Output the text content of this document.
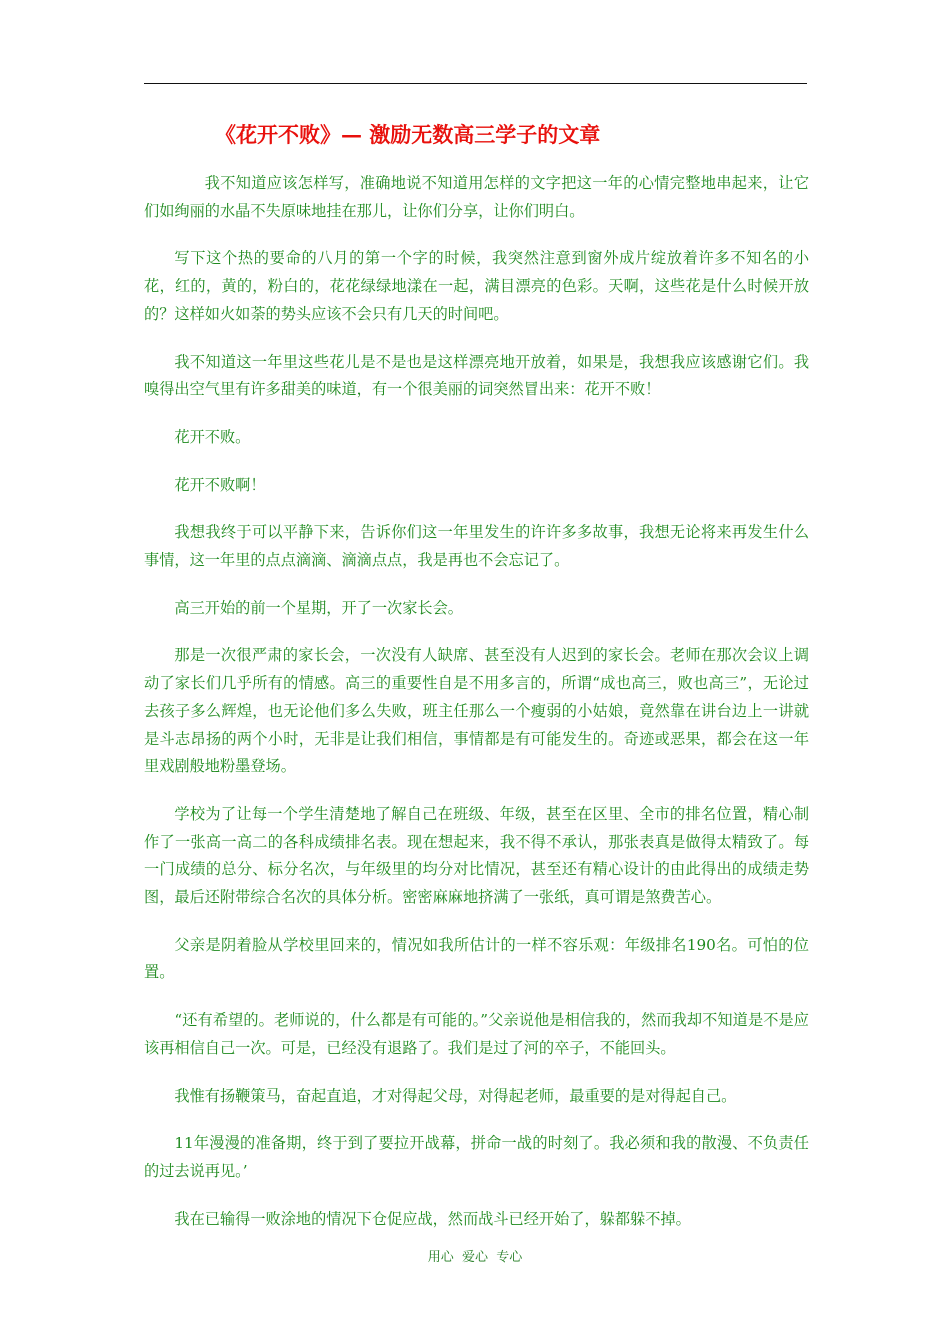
《花开不败》— 激励无数高三学子的文章

我不知道应该怎样写，准确地说不知道用怎样的文字把这一年的心情完整地串起来，让它们如绚丽的水晶不失原味地挂在那儿，让你们分享，让你们明白。

写下这个热的要命的八月的第一个字的时候，我突然注意到窗外成片绽放着许多不知名的小花，红的，黄的，粉白的，花花绿绿地漾在一起，满目漂亮的色彩。天啊，这些花是什么时候开放的？这样如火如荼的势头应该不会只有几天的时间吧。

我不知道这一年里这些花儿是不是也是这样漂亮地开放着，如果是，我想我应该感谢它们。我嗅得出空气里有许多甜美的味道，有一个很美丽的词突然冒出来：花开不败！

花开不败。

花开不败啊！

我想我终于可以平静下来，告诉你们这一年里发生的许许多多故事，我想无论将来再发生什么事情，这一年里的点点滴滴、滴滴点点，我是再也不会忘记了。

高三开始的前一个星期，开了一次家长会。

那是一次很严肃的家长会，一次没有人缺席、甚至没有人迟到的家长会。老师在那次会议上调动了家长们几乎所有的情感。高三的重要性自是不用多言的，所谓“成也高三，败也高三”，无论过去孩子多么辉煌，也无论他们多么失败，班主任那么一个瘦弱的小姑娘，竟然靠在讲台边上一讲就是斗志昂扬的两个小时，无非是让我们相信，事情都是有可能发生的。奇迹或恶果，都会在这一年里戏剧般地粉墨登场。

学校为了让每一个学生清楚地了解自己在班级、年级，甚至在区里、全市的排名位置，精心制作了一张高一高二的各科成绩排名表。现在想起来，我不得不承认，那张表真是做得太精致了。每一门成绩的总分、标分名次，与年级里的均分对比情况，甚至还有精心设计的由此得出的成绩走势图，最后还附带综合名次的具体分析。密密麻麻地挤满了一张纸，真可谓是煞费苦心。

父亲是阴着脸从学校里回来的，情况如我所估计的一样不容乐观：年级排名190名。可怕的位置。

“还有希望的。老师说的，什么都是有可能的。”父亲说他是相信我的，然而我却不知道是不是应该再相信自己一次。可是，已经没有退路了。我们是过了河的卒子，不能回头。

我惟有扬鞭策马，奋起直追，才对得起父母，对得起老师，最重要的是对得起自己。

11年漫漫的准备期，终于到了要拉开战幕，拼命一战的时刻了。我必须和我的散漫、不负责任的过去说再见。’

我在已输得一败涂地的情况下仓促应战，然而战斗已经开始了，躲都躲不掉。

用心  爱心  专心
